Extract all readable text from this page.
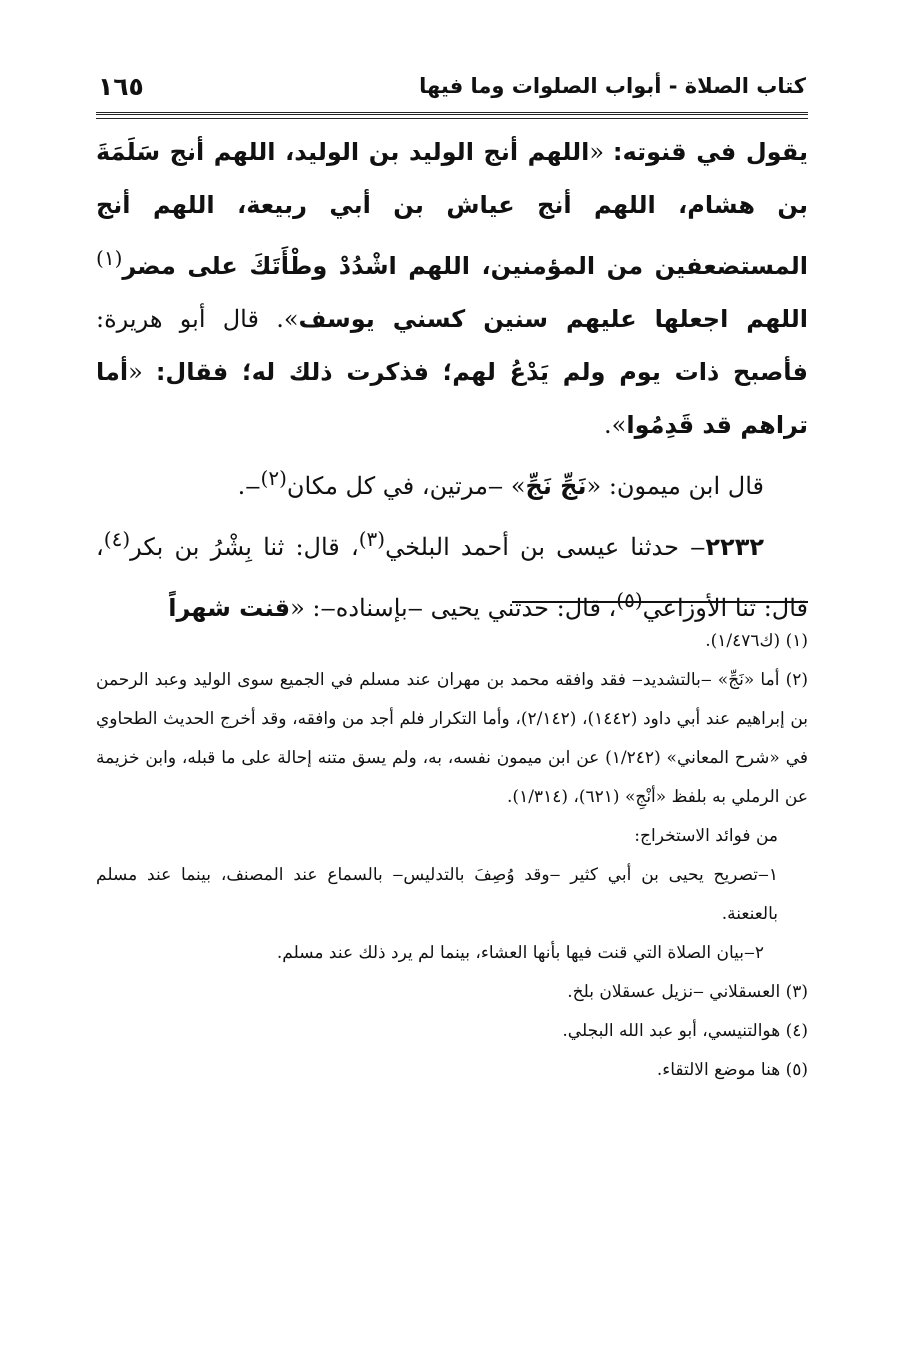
كتاب الصلاة - أبواب الصلوات وما فيها
١٦٥

يقول في قنوته: «اللهم أنج الوليد بن الوليد، اللهم أنج سَلَمَةَ بن هشام، اللهم أنج عياش بن أبي ربيعة، اللهم أنج المستضعفين من المؤمنين، اللهم اشْدُدْ وطْأَتَكَ على مضر$^{(١)}$ اللهم اجعلها عليهم سنين كسني يوسف». قال أبو هريرة: فأصبح ذات يوم ولم يَدْعُ لهم؛ فذكرت ذلك له؛ فقال: «أما تراهم قد قَدِمُوا».

قال ابن ميمون: «نَجِّ نَجِّ» ‒مرتين، في كل مكان$^{(٢)}$‒.

٢٢٣٢‒ حدثنا عيسى بن أحمد البلخي$^{(٣)}$، قال: ثنا بِشْرُ بن بكر$^{(٤)}$، قال: ثنا الأوزاعي$^{(٥)}$، قال: حدثني يحيى ‒بإسناده‒: «قنت شهراً

(١) (ك١/٤٧٦).

(٢) أما «نَجِّ» ‒بالتشديد‒ فقد وافقه محمد بن مهران عند مسلم في الجميع سوى الوليد وعبد الرحمن بن إبراهيم عند أبي داود (١٤٤٢)، (٢/١٤٢)، وأما التكرار فلم أجد من وافقه، وقد أخرج الحديث الطحاوي في «شرح المعاني» (١/٢٤٢) عن ابن ميمون نفسه، به، ولم يسق متنه إحالة على ما قبله، وابن خزيمة عن الرملي به بلفظ «أنْجِ» (٦٢١)، (١/٣١٤).

من فوائد الاستخراج:

١‒تصريح يحيى بن أبي كثير ‒وقد وُصِفَ بالتدليس‒ بالسماع عند المصنف، بينما عند مسلم بالعنعنة.

٢‒بيان الصلاة التي قنت فيها بأنها العشاء، بينما لم يرد ذلك عند مسلم.

(٣) العسقلاني ‒نزيل عسقلان بلخ.

(٤) هوالتنيسي، أبو عبد الله البجلي.

(٥) هنا موضع الالتقاء.
